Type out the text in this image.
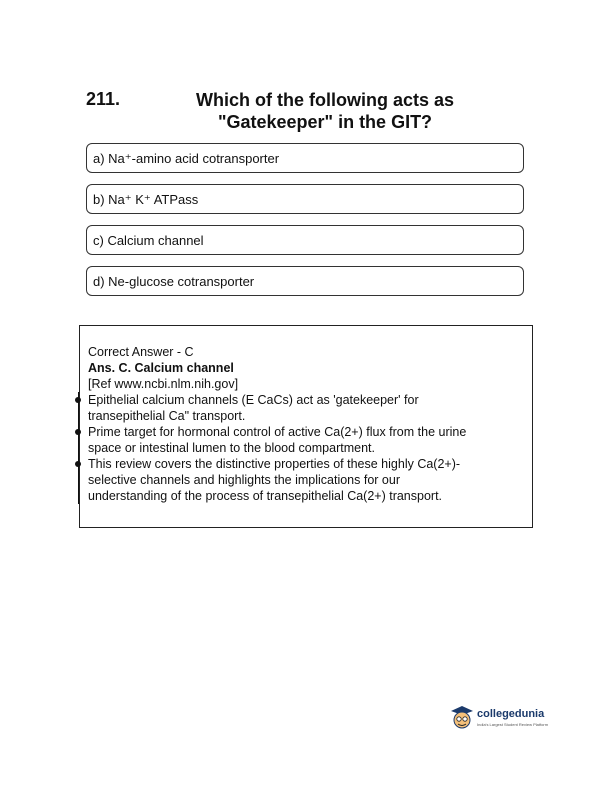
211.	Which of the following acts as
"Gatekeeper" in the GIT?
a) Na⁺-amino acid cotransporter
b) Na⁺ K⁺ ATPass
c) Calcium channel
d) Ne-glucose cotransporter
Correct Answer - C
Ans. C. Calcium channel
[Ref www.ncbi.nlm.nih.gov]
Epithelial calcium channels (E CaCs) act as 'gatekeeper' for
transepithelial Ca" transport.
Prime target for hormonal control of active Ca(2+) flux from the urine
space or intestinal lumen to the blood compartment.
This review covers the distinctive properties of these highly Ca(2+)-
selective channels and highlights the implications for our
understanding of the process of transepithelial Ca(2+) transport.
collegedunia
India's Largest Student Review Platform
